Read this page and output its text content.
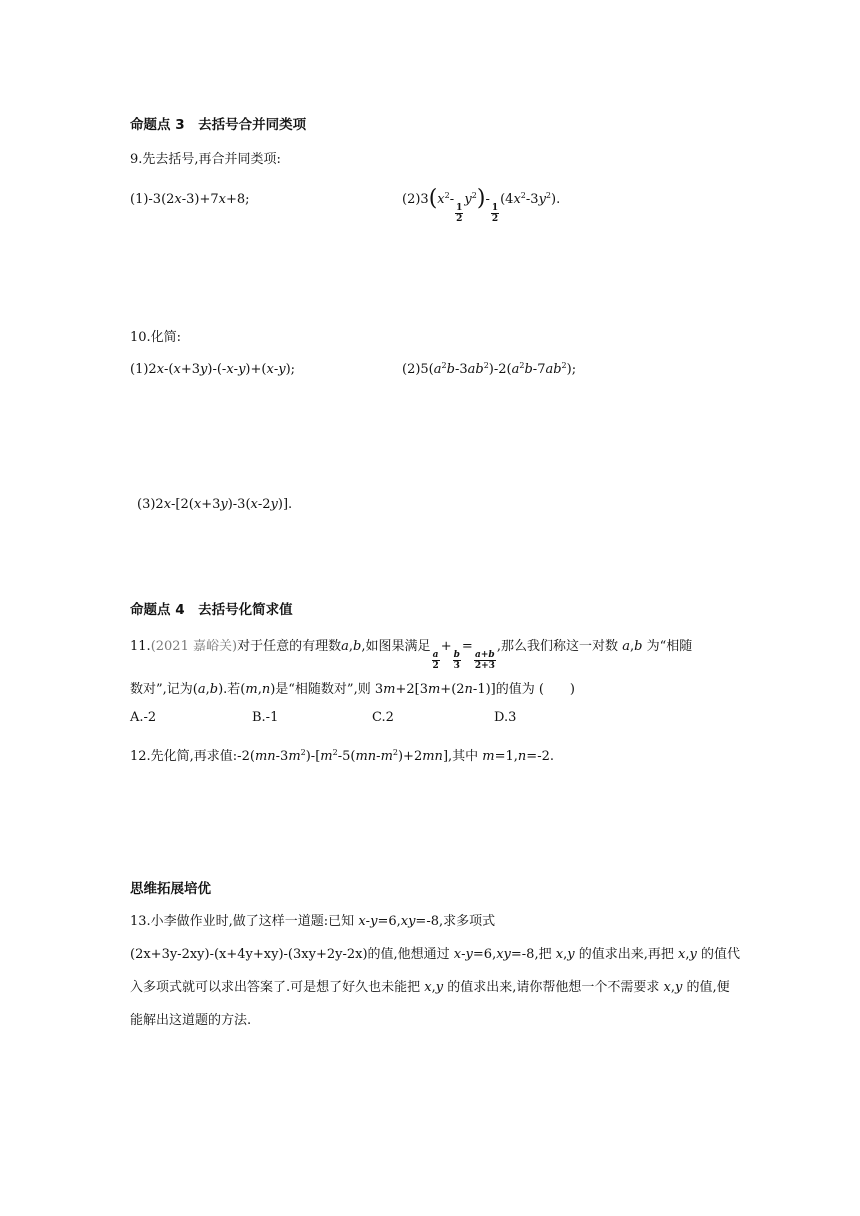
命题点 3　去括号合并同类项
9.先去括号,再合并同类项:
(1)-3(2x-3)+7x+8;	$(2)3(x^2-$
$\frac{1}{2}$
$y^2)-$
$\frac{1}{2}$
$(4x^2-3y^2)$.
10.化简:
(1)2x-(x+3y)-(-x-y)+(x-y);	$(2)5(a^2b-3ab^2)-2(a^2b-7ab^2)$;
(3)2x-[2(x+3y)-3(x-2y)].
命题点 4　去括号化简求值
11.(2021 嘉峪关)对于任意的有理数a,b,如图果满足
$\frac{a}{2}$
+
$\frac{b}{3}$
=
$\frac{a+b}{2+3}$
,那么我们称这一对数 a,b 为“相随
数对”,记为(a,b).若(m,n)是“相随数对”,则 3m+2[3m+(2n-1)]的值为 (　　)
A.-2	B.-1	C.2	D.3
12.先化简,再求值$:-2(mn-3m^2)-[m^2-5(mn-m^2)+2mn]$,其中 m=1,n=-2.
思维拓展培优
13.小李做作业时,做了这样一道题:已知 x-y=6,xy=-8,求多项式
(2x+3y-2xy)-(x+4y+xy)-(3xy+2y-2x)的值,他想通过 x-y=6,xy=-8,把 x,y 的值求出来,再把 x,y 的值代入多项式就可以求出答案了.可是想了好久也未能把 x,y 的值求出来,请你帮他想一个不需要求 x,y 的值,便能解出这道题的方法.
